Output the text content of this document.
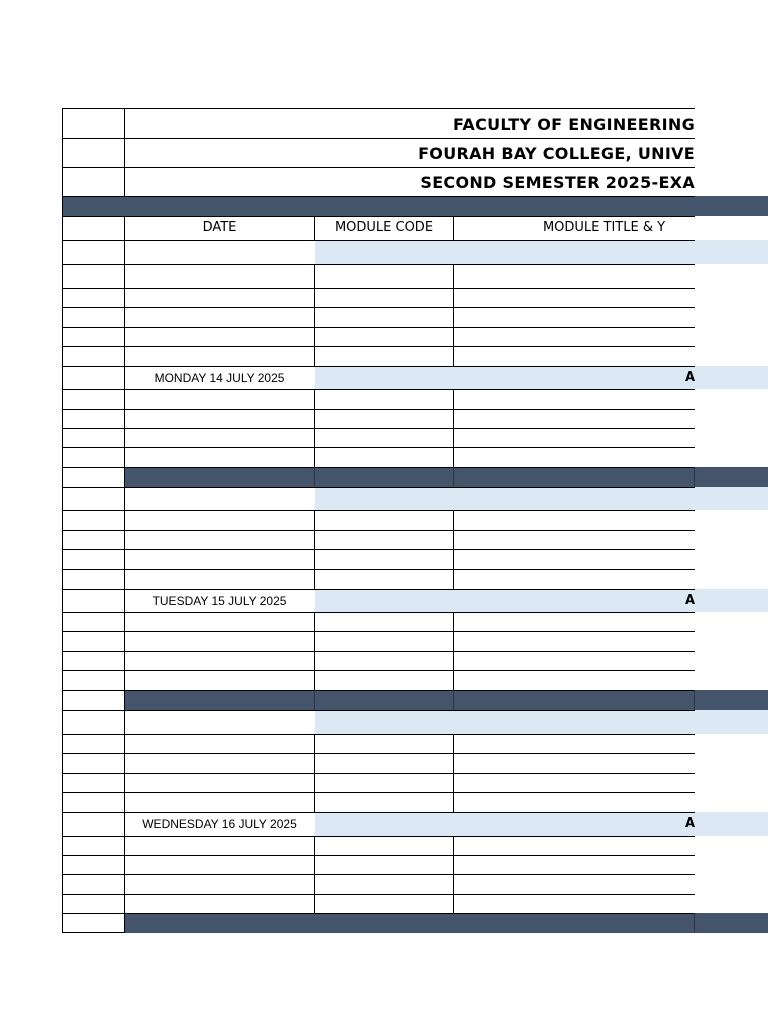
FACULTY OF ENGINEERING
FOURAH BAY COLLEGE, UNIVE
SECOND SEMESTER 2025-EXA
DATE	MODULE CODE	MODULE TITLE & Y
MONDAY 14 JULY 2025	A
TUESDAY 15 JULY 2025	A
WEDNESDAY 16 JULY 2025	A
